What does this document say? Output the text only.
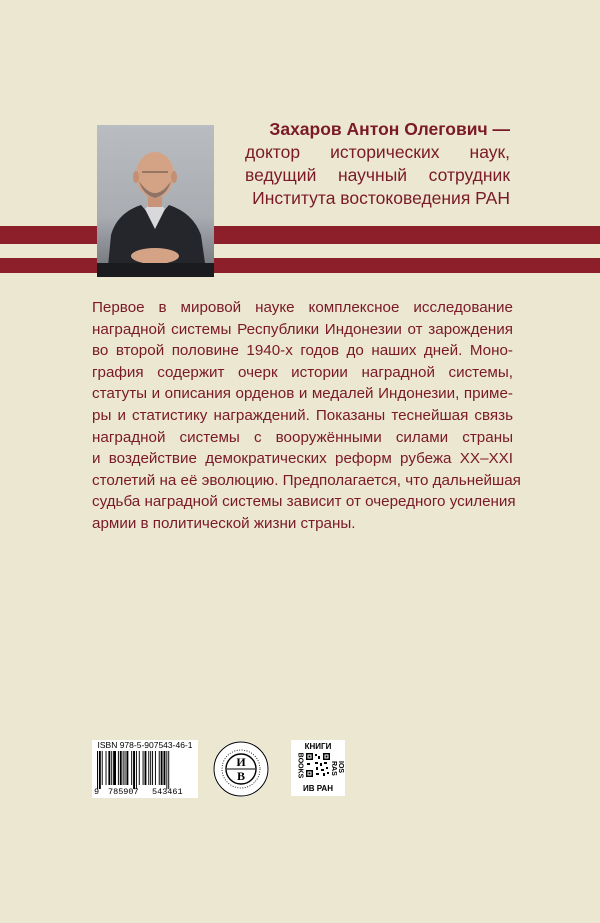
Захаров Антон Олегович —
доктор исторических наук,
ведущий научный сотрудник
Института востоковедения РАН
Первое в мировой науке комплексное исследование
наградной системы Республики Индонезии от зарождения
во второй половине 1940-х годов до наших дней. Моно-
графия содержит очерк истории наградной системы,
статуты и описания орденов и медалей Индонезии, приме-
ры и статистику награждений. Показаны теснейшая связь
наградной системы с вооружёнными силами страны
и воздействие демократических реформ рубежа XX–XXI
столетий на её эволюцию. Предполагается, что дальнейшая
судьба наградной системы зависит от очередного усиления
армии в политической жизни страны.
ISBN 978-5-907543-46-1
9 785907 543461
И
В
КНИГИ
BOOKS	IOS RAS
ИВ РАН
